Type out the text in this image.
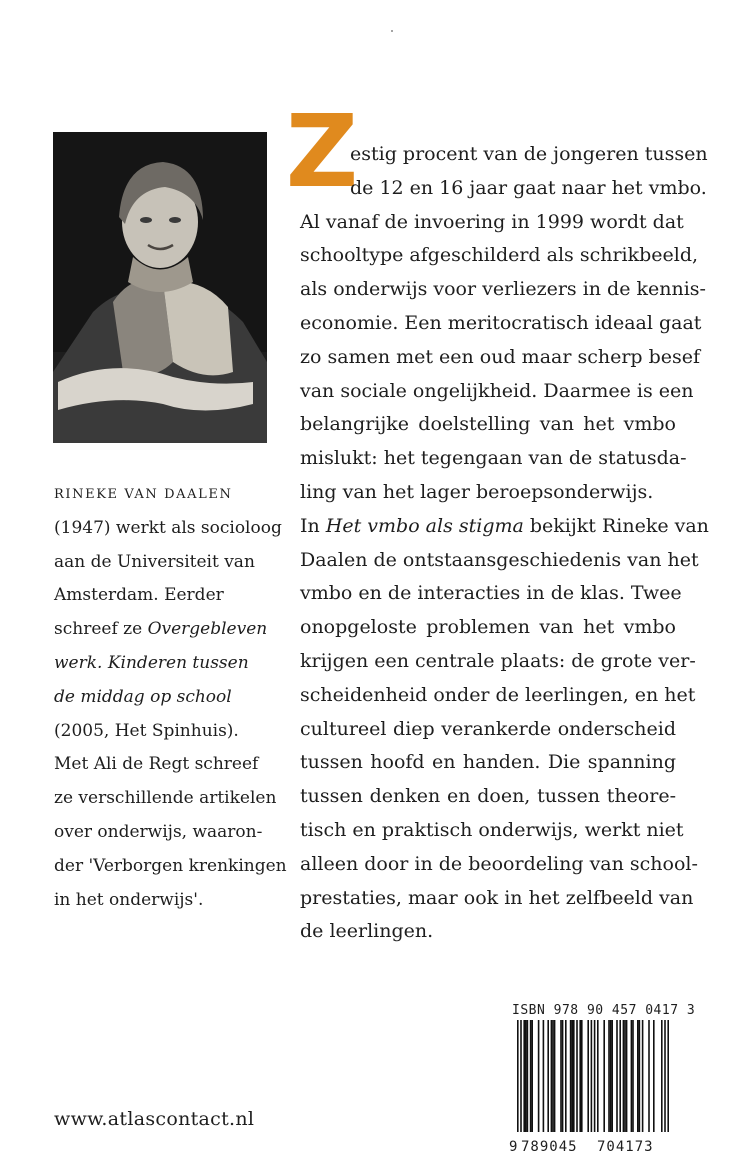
RINEKE VAN DAALEN

(1947) werkt als socioloog
aan de Universiteit van
Amsterdam. Eerder
schreef ze Overgebleven
werk. Kinderen tussen
de middag op school
(2005, Het Spinhuis).
Met Ali de Regt schreef
ze verschillende artikelen
over onderwijs, waaron-
der 'Verborgen krenkingen
in het onderwijs'.

Z

estig procent van de jongeren tussen
de 12 en 16 jaar gaat naar het vmbo.
Al vanaf de invoering in 1999 wordt dat
schooltype afgeschilderd als schrikbeeld,
als onderwijs voor verliezers in de kennis-
economie. Een meritocratisch ideaal gaat
zo samen met een oud maar scherp besef
van sociale ongelijkheid. Daarmee is een
belangrijke doelstelling van het vmbo
mislukt: het tegengaan van de statusda-
ling van het lager beroepsonderwijs.

In Het vmbo als stigma bekijkt Rineke van
Daalen de ontstaansgeschiedenis van het
vmbo en de interacties in de klas. Twee
onopgeloste problemen van het vmbo
krijgen een centrale plaats: de grote ver-
scheidenheid onder de leerlingen, en het
cultureel diep verankerde onderscheid
tussen hoofd en handen. Die spanning
tussen denken en doen, tussen theore-
tisch en praktisch onderwijs, werkt niet
alleen door in de beoordeling van school-
prestaties, maar ook in het zelfbeeld van
de leerlingen.

www.atlascontact.nl
ISBN 978 90 457 0417 3
9 789045 704173
